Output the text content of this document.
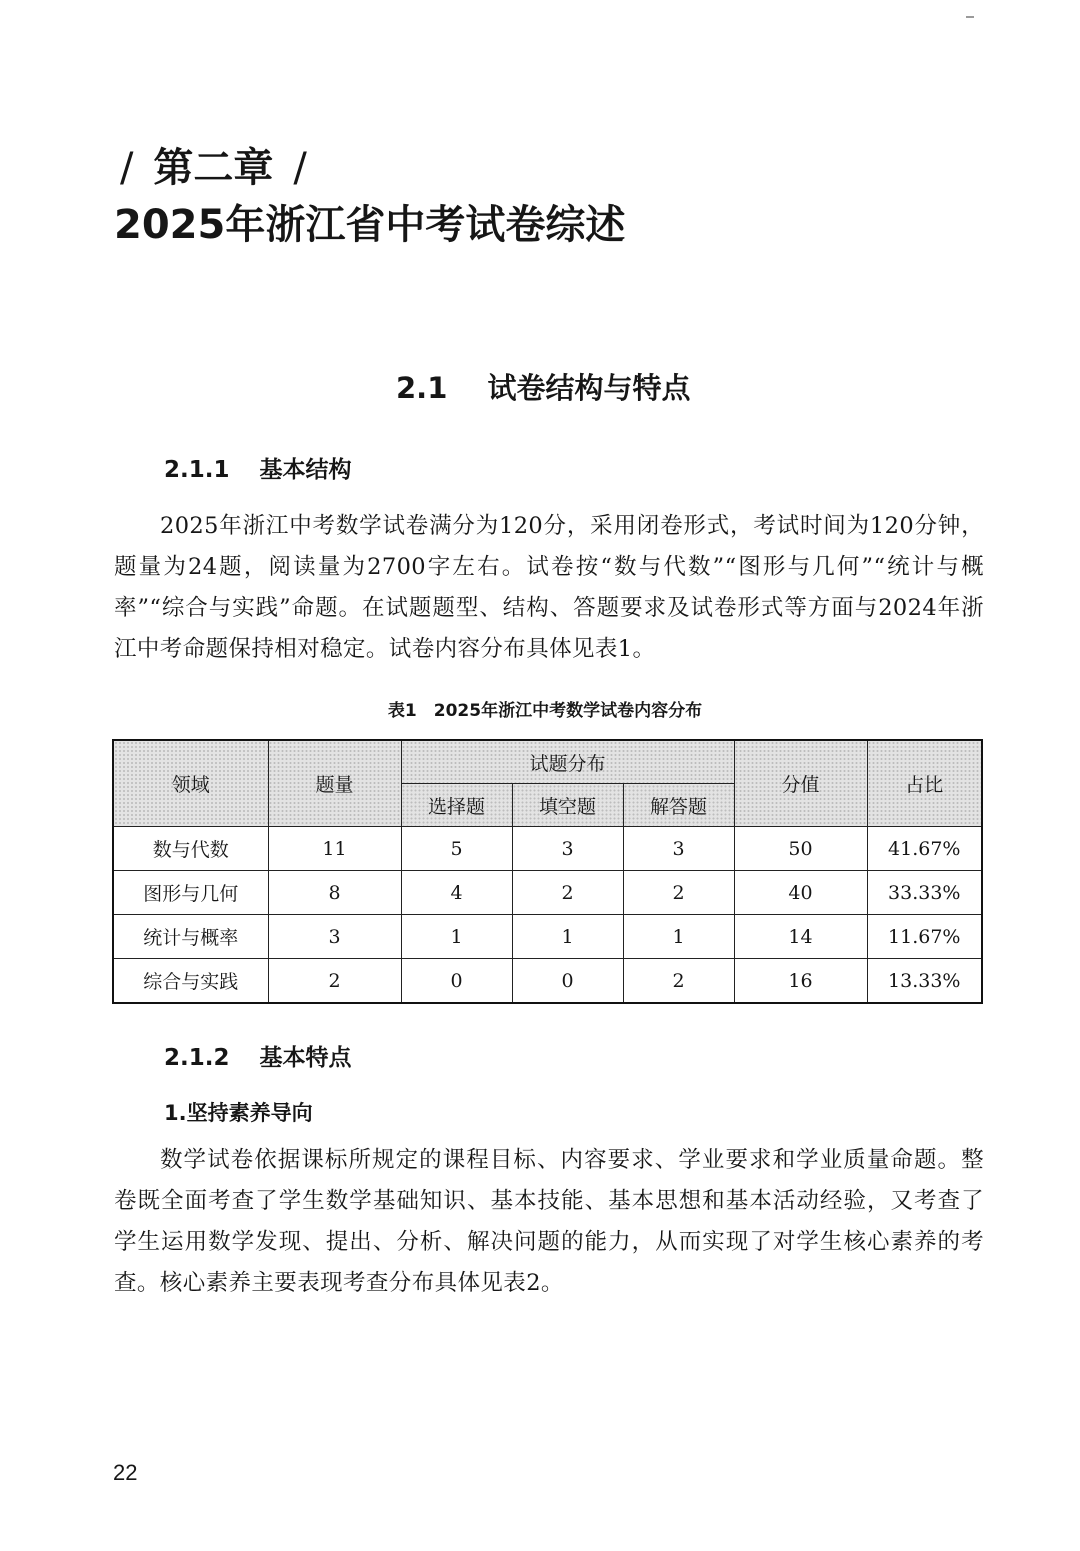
/ 第二章 /
2025年浙江省中考试卷综述
2.1 试卷结构与特点
2.1.1 基本结构

2025年浙江中考数学试卷满分为120分，采用闭卷形式，考试时间为120分钟，题量为24题，阅读量为2700字左右。试卷按“数与代数”“图形与几何”“统计与概率”“综合与实践”命题。在试题题型、结构、答题要求及试卷形式等方面与2024年浙江中考命题保持相对稳定。试卷内容分布具体见表1。

表1　2025年浙江中考数学试卷内容分布
领域	题量	试题分布			分值	占比
		选择题	填空题	解答题		
数与代数	11	5	3	3	50	41.67%
图形与几何	8	4	2	2	40	33.33%
统计与概率	3	1	1	1	14	11.67%
综合与实践	2	0	0	2	16	13.33%
2.1.2 基本特点
1.坚持素养导向

数学试卷依据课标所规定的课程目标、内容要求、学业要求和学业质量命题。整卷既全面考查了学生数学基础知识、基本技能、基本思想和基本活动经验，又考查了学生运用数学发现、提出、分析、解决问题的能力，从而实现了对学生核心素养的考查。核心素养主要表现考查分布具体见表2。

22
